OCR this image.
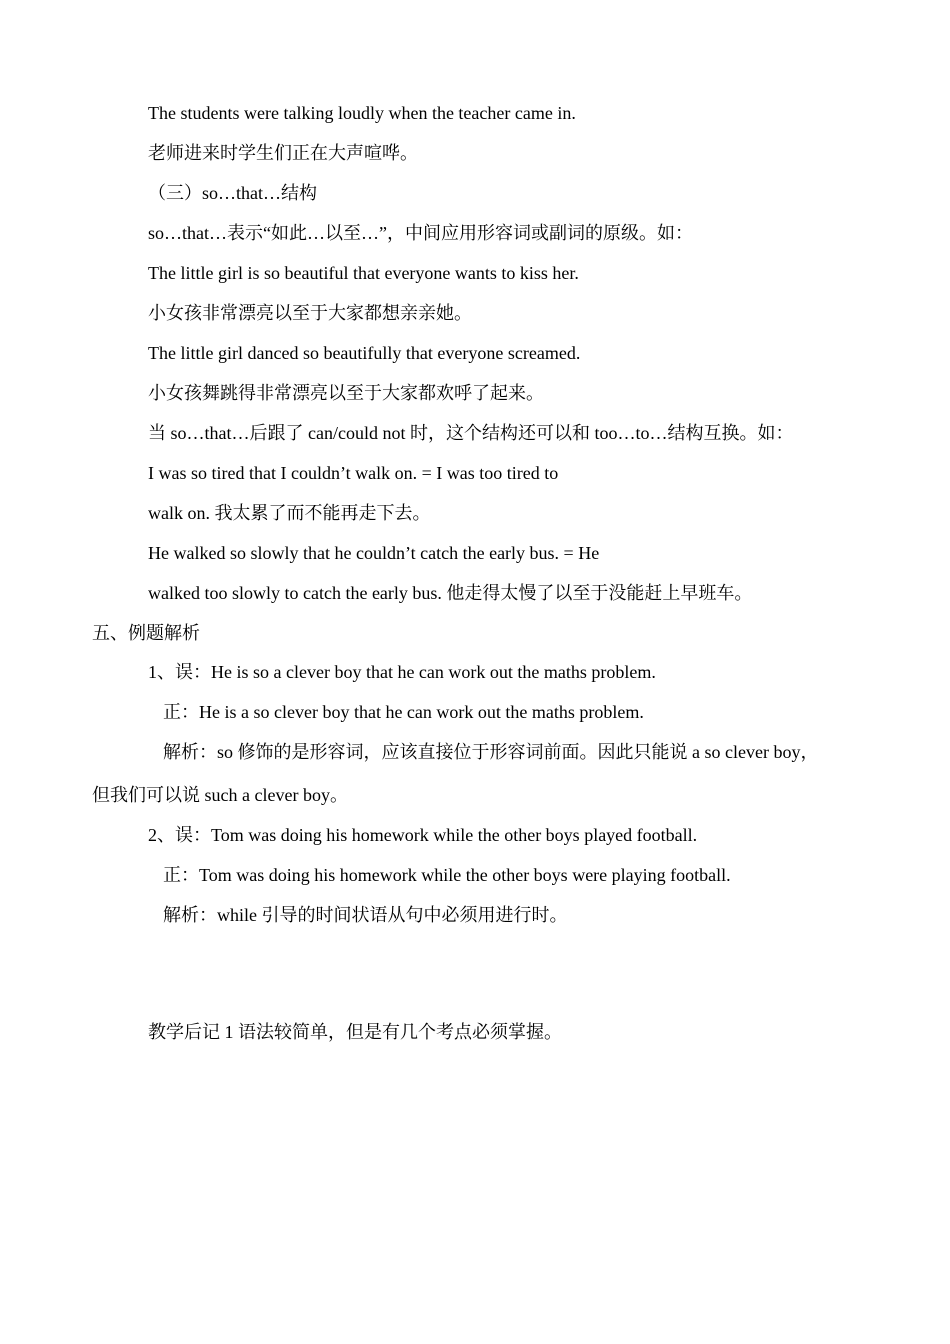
The students were talking loudly when the teacher came in.
老师进来时学生们正在大声喧哗。
（三）so…that…结构
so…that…表示“如此…以至…”，中间应用形容词或副词的原级。如：
The little girl is so beautiful that everyone wants to kiss her.
小女孩非常漂亮以至于大家都想亲亲她。
The little girl danced so beautifully that everyone screamed.
小女孩舞跳得非常漂亮以至于大家都欢呼了起来。
当 so…that…后跟了 can/could not 时，这个结构还可以和 too…to…结构互换。如：
I was so tired that I couldn’t walk on. = I was too tired to
walk on. 我太累了而不能再走下去。
He walked so slowly that he couldn’t catch the early bus. = He
walked too slowly to catch the early bus. 他走得太慢了以至于没能赶上早班车。
五、例题解析
1、误：He is so a clever boy that he can work out the maths problem.
正：He is a so clever boy that he can work out the maths problem.
解析：so 修饰的是形容词，应该直接位于形容词前面。因此只能说 a so clever boy，
但我们可以说 such a clever boy。
2、误：Tom was doing his homework while the other boys played football.
正：Tom was doing his homework while the other boys were playing football.
解析：while 引导的时间状语从句中必须用进行时。
教学后记 1 语法较简单，但是有几个考点必须掌握。
